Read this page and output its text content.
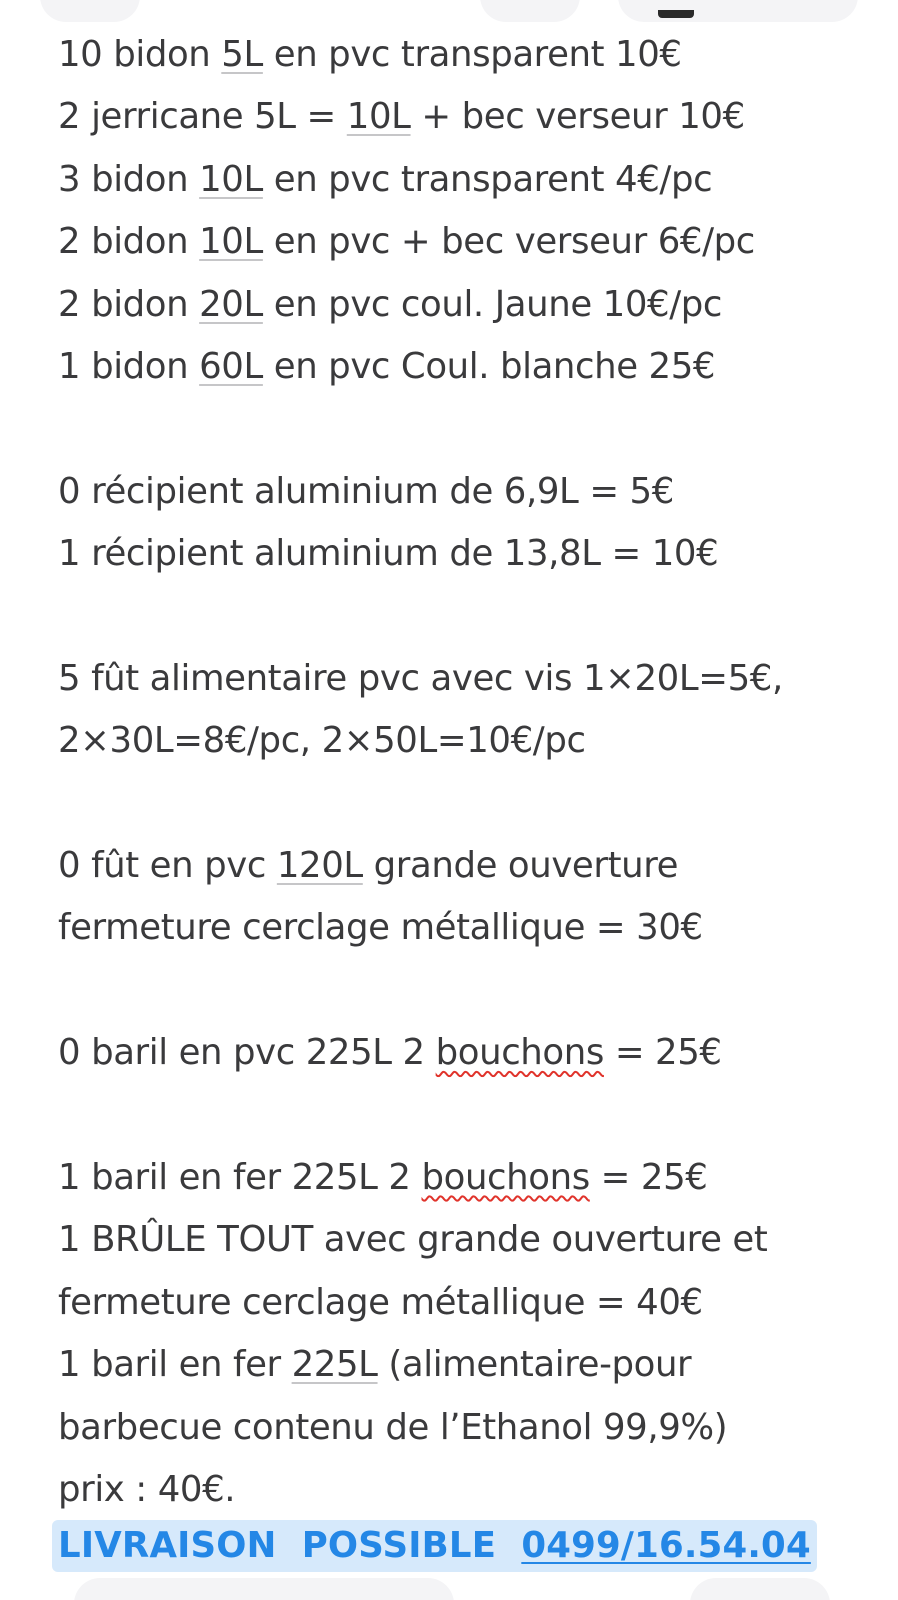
10 bidon 5L en pvc transparent 10€
2 jerricane 5L = 10L + bec verseur 10€
3 bidon 10L en pvc transparent 4€/pc
2 bidon 10L en pvc + bec verseur 6€/pc
2 bidon 20L en pvc coul. Jaune 10€/pc
1 bidon 60L en pvc Coul. blanche 25€
0 récipient aluminium de 6,9L = 5€
1 récipient aluminium de 13,8L = 10€
5 fût alimentaire pvc avec vis 1×20L=5€,
2×30L=8€/pc, 2×50L=10€/pc
0 fût en pvc 120L grande ouverture
fermeture cerclage métallique = 30€
0 baril en pvc 225L 2 bouchons = 25€
1 baril en fer 225L 2 bouchons = 25€
1 BRÛLE TOUT avec grande ouverture et
fermeture cerclage métallique = 40€
1 baril en fer 225L (alimentaire-pour
barbecue contenu de l’Ethanol 99,9%)
prix : 40€.
LIVRAISON  POSSIBLE 0499/16.54.04
